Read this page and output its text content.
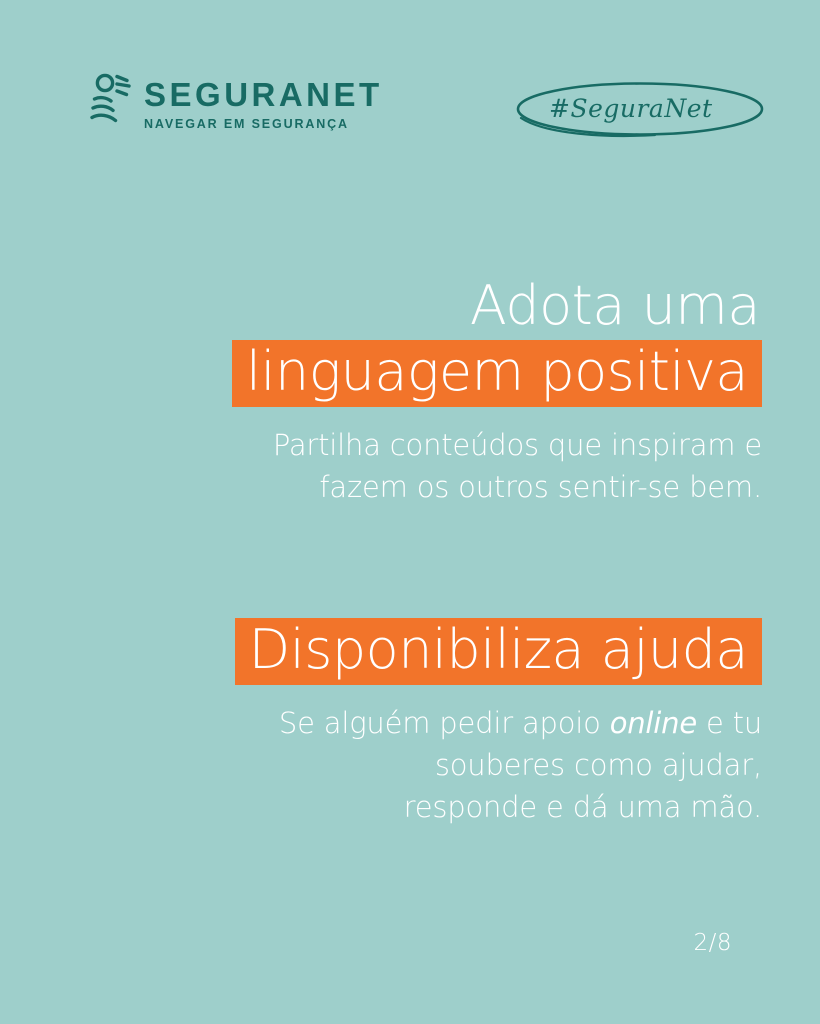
SEGURANET
NAVEGAR EM SEGURANÇA
#SeguraNet
Adota uma
linguagem positiva

Partilha conteúdos que inspiram e
fazem os outros sentir-se bem.

Disponibiliza ajuda

Se alguém pedir apoio online e tu
souberes como ajudar,
responde e dá uma mão.

2/8
